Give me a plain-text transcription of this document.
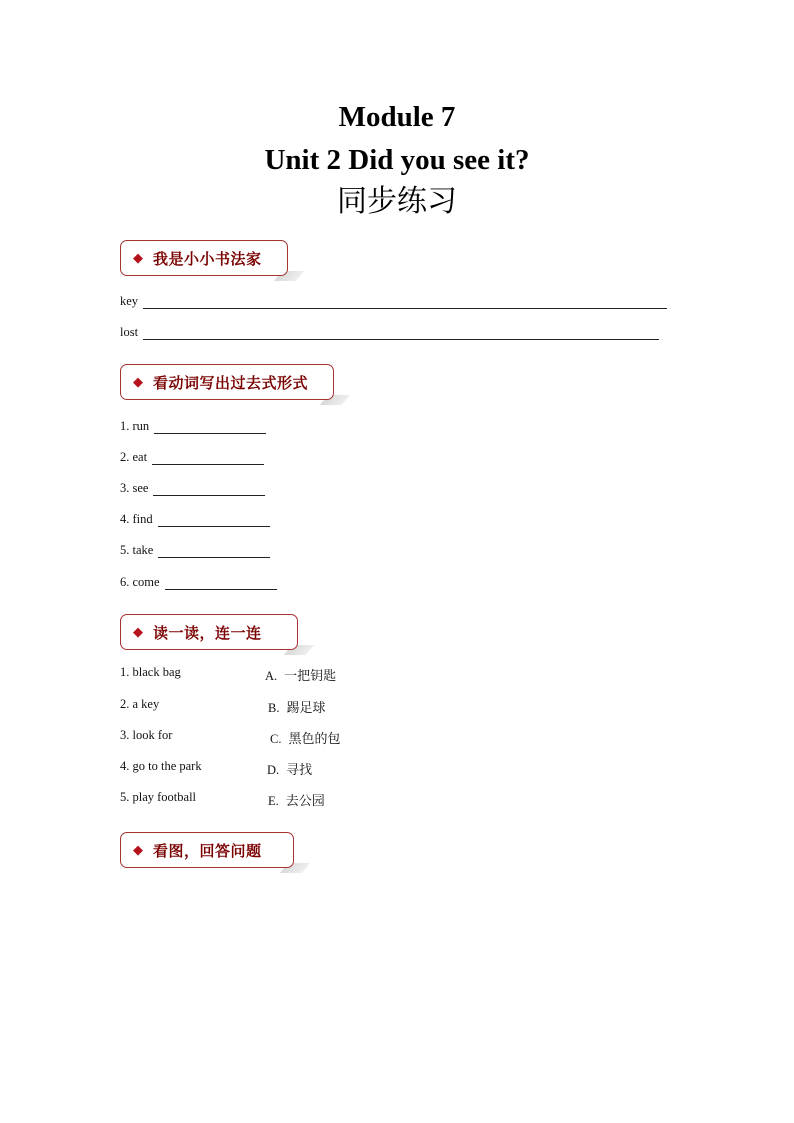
Module 7
Unit 2 Did you see it?
同步练习
◆ 我是小小书法家
key
lost
◆ 看动词写出过去式形式
1. run
2. eat
3. see
4. find
5. take
6. come
◆ 读一读，连一连
1. black bag	A. 一把钥匙
2. a key	B. 踢足球
3. look for	C. 黑色的包
4. go to the park	D. 寻找
5. play football	E. 去公园
◆ 看图，回答问题
